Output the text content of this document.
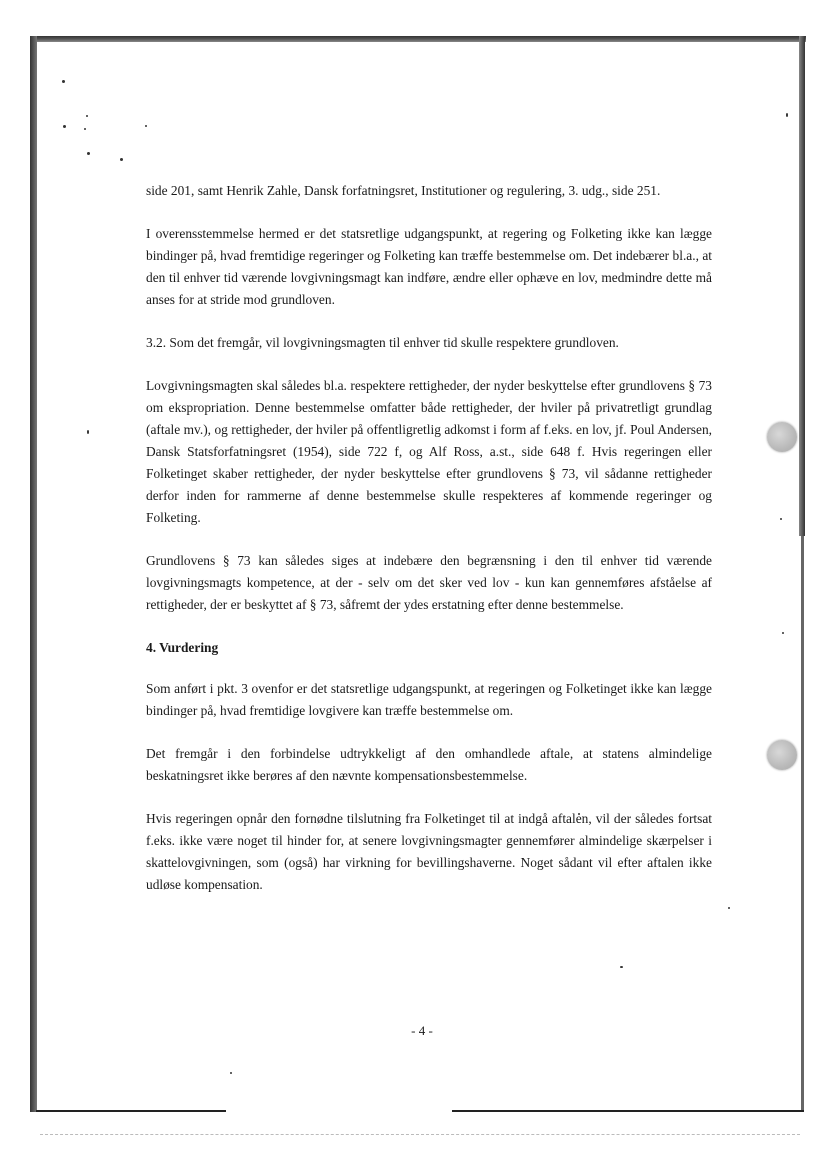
side 201, samt Henrik Zahle, Dansk forfatningsret, Institutioner og regulering, 3. udg., side 251.

I overensstemmelse hermed er det statsretlige udgangspunkt, at regering og Folketing ikke kan lægge bindinger på, hvad fremtidige regeringer og Folketing kan træffe bestemmelse om. Det indebærer bl.a., at den til enhver tid værende lovgivningsmagt kan indføre, ændre eller ophæve en lov, medmindre dette må anses for at stride mod grundloven.

3.2. Som det fremgår, vil lovgivningsmagten til enhver tid skulle respektere grundloven.

Lovgivningsmagten skal således bl.a. respektere rettigheder, der nyder beskyttelse efter grundlovens § 73 om ekspropriation. Denne bestemmelse omfatter både rettigheder, der hviler på privatretligt grundlag (aftale mv.), og rettigheder, der hviler på offentligretlig adkomst i form af f.eks. en lov, jf. Poul Andersen, Dansk Statsforfatningsret (1954), side 722 f, og Alf Ross, a.st., side 648 f. Hvis regeringen eller Folketinget skaber rettigheder, der nyder beskyttelse efter grundlovens § 73, vil sådanne rettigheder derfor inden for rammerne af denne bestemmelse skulle respekteres af kommende regeringer og Folketing.

Grundlovens § 73 kan således siges at indebære den begrænsning i den til enhver tid værende lovgivningsmagts kompetence, at der - selv om det sker ved lov - kun kan gennemføres afståelse af rettigheder, der er beskyttet af § 73, såfremt der ydes erstatning efter denne bestemmelse.

4. Vurdering

Som anført i pkt. 3 ovenfor er det statsretlige udgangspunkt, at regeringen og Folketinget ikke kan lægge bindinger på, hvad fremtidige lovgivere kan træffe bestemmelse om.

Det fremgår i den forbindelse udtrykkeligt af den omhandlede aftale, at statens almindelige beskatningsret ikke berøres af den nævnte kompensationsbestemmelse.

Hvis regeringen opnår den fornødne tilslutning fra Folketinget til at indgå aftalen, vil der således fortsat f.eks. ikke være noget til hinder for, at senere lovgivningsmagter gennemfører almindelige skærpelser i skattelovgivningen, som (også) har virkning for bevillingshaverne. Noget sådant vil efter aftalen ikke udløse kompensation.

- 4 -
